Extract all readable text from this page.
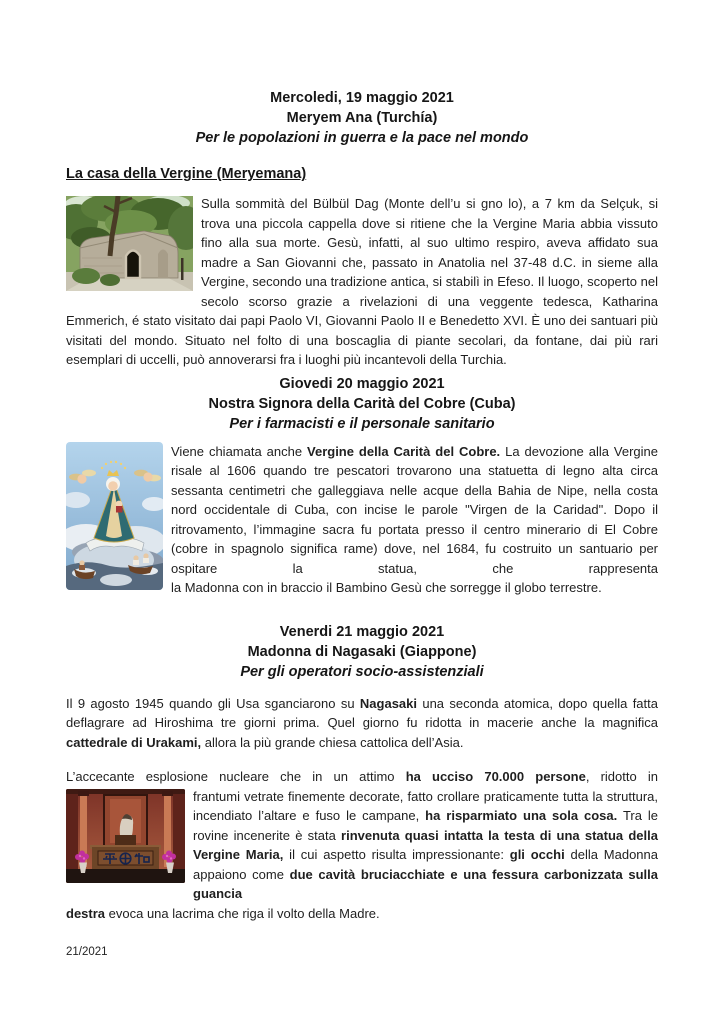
Mercoledi, 19 maggio 2021
Meryem Ana (Turchía)
Per le popolazioni in guerra e la pace nel mondo
La casa della Vergine (Meryemana)

Sulla sommità del Bülbül Dag (Monte dell’u si gno lo), a 7 km da Selçuk, si trova una piccola cappella dove si ritiene che la Vergine Maria abbia vissuto fino alla sua morte. Gesù, infatti, al suo ultimo respiro, aveva affidato sua madre a San Giovanni che, passato in Anatolia nel 37-48 d.C. in sieme alla Vergine, secondo una tradizione antica, si stabilì in Efeso. Il luogo, scoperto nel secolo scorso grazie a rivelazioni di una veggente tedesca, Katharina Emmerich, é stato visitato dai papi Paolo VI, Giovanni Paolo II e Benedetto XVI. È uno dei santuari più visitati del mondo. Situato nel folto di una boscaglia di piante secolari, da fontane, dai più rari esemplari di uccelli, può annoverarsi fra i luoghi più incantevoli della Turchia.

Giovedi 20 maggio 2021
Nostra Signora della Carità del Cobre (Cuba)
Per i farmacisti e il personale sanitario

Viene chiamata anche Vergine della Carità del Cobre. La devozione alla Vergine risale al 1606 quando tre pescatori trovarono una statuetta di legno alta circa sessanta centimetri che galleggiava nelle acque della Bahia de Nipe, nella costa nord occidentale di Cuba, con incise le parole "Virgen de la Caridad". Dopo il ritrovamento, l’immagine sacra fu portata presso il centro minerario di El Cobre (cobre in spagnolo significa rame) dove, nel 1684, fu costruito un santuario per ospitare la statua, che rappresenta

la Madonna con in braccio il Bambino Gesù che sorregge il globo terrestre.

Venerdi 21 maggio 2021
Madonna di Nagasaki (Giappone)
Per gli operatori socio-assistenziali

Il 9 agosto 1945 quando gli Usa sganciarono su Nagasaki una seconda atomica, dopo quella fatta deflagrare ad Hiroshima tre giorni prima. Quel giorno fu ridotta in macerie anche la magnifica cattedrale di Urakami, allora la più grande chiesa cattolica dell’Asia.

L’accecante esplosione nucleare che in un attimo ha ucciso 70.000 persone, ridotto in

frantumi vetrate finemente decorate, fatto crollare praticamente tutta la struttura, incendiato l’altare e fuso le campane, ha risparmiato una sola cosa. Tra le rovine incenerite è stata rinvenuta quasi intatta la testa di una statua della Vergine Maria, il cui aspetto risulta impressionante: gli occhi della Madonna appaiono come due cavità bruciacchiate e una fessura carbonizzata sulla guancia

destra evoca una lacrima che riga il volto della Madre.

21/2021
